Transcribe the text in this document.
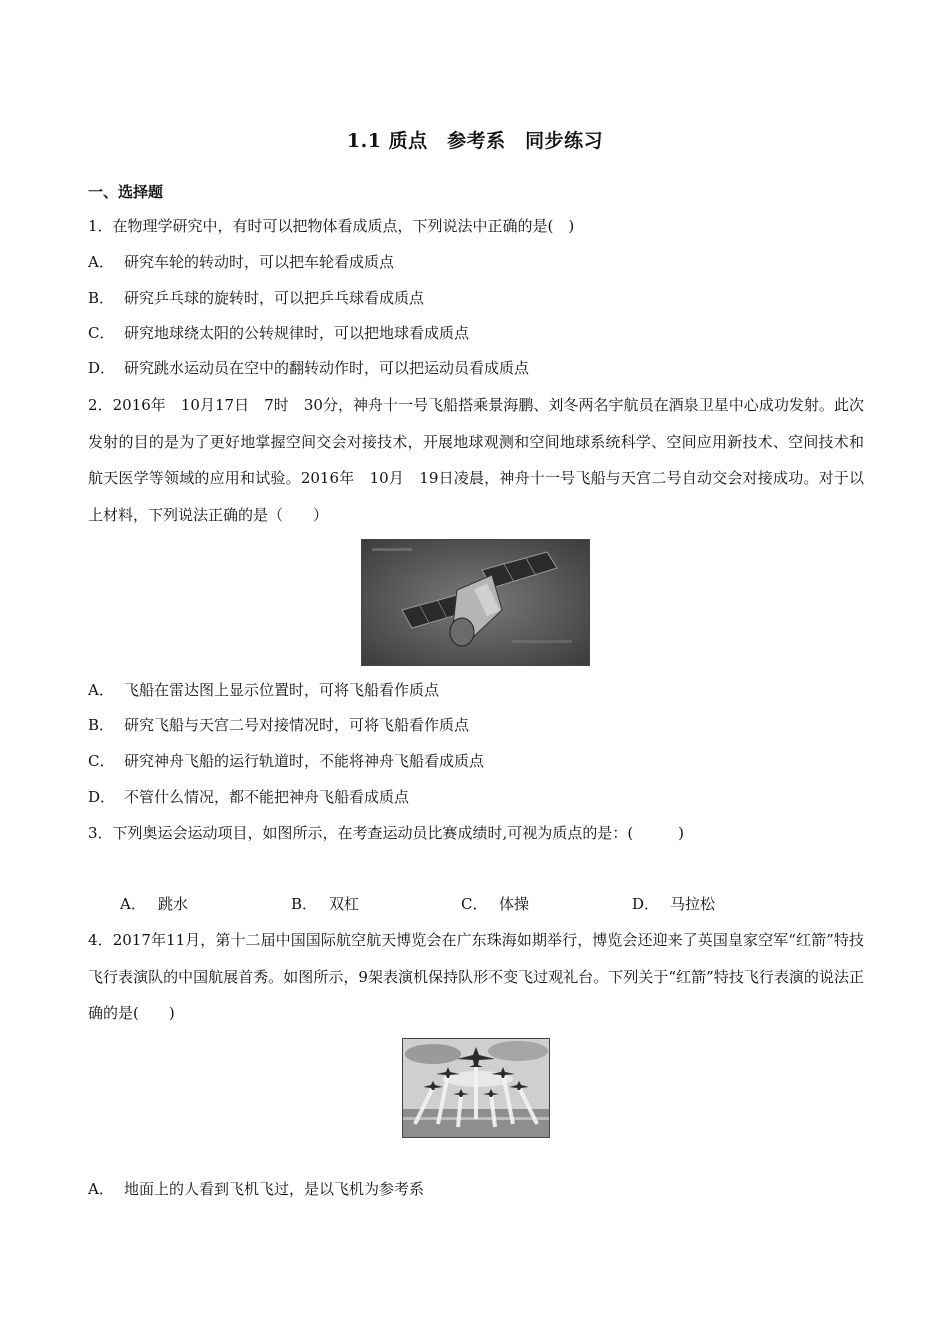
1.1 质点　参考系　同步练习
一、选择题
1．在物理学研究中，有时可以把物体看成质点，下列说法中正确的是(　)
A． 研究车轮的转动时，可以把车轮看成质点
B． 研究乒乓球的旋转时，可以把乒乓球看成质点
C． 研究地球绕太阳的公转规律时，可以把地球看成质点
D． 研究跳水运动员在空中的翻转动作时，可以把运动员看成质点
2．2016年　10月17日　7时　30分，神舟十一号飞船搭乘景海鹏、刘冬两名宇航员在酒泉卫星中心成功发射。此次发射的目的是为了更好地掌握空间交会对接技术，开展地球观测和空间地球系统科学、空间应用新技术、空间技术和航天医学等领域的应用和试验。2016年　10月　19日凌晨，神舟十一号飞船与天宫二号自动交会对接成功。对于以上材料，下列说法正确的是（　　）
A． 飞船在雷达图上显示位置时，可将飞船看作质点
B． 研究飞船与天宫二号对接情况时，可将飞船看作质点
C． 研究神舟飞船的运行轨道时，不能将神舟飞船看成质点
D． 不管什么情况，都不能把神舟飞船看成质点
3．下列奥运会运动项目，如图所示，在考查运动员比赛成绩时,可视为质点的是：(　　　)
A． 跳水	B． 双杠	C． 体操	D． 马拉松
4．2017年11月，第十二届中国国际航空航天博览会在广东珠海如期举行，博览会还迎来了英国皇家空军“红箭”特技飞行表演队的中国航展首秀。如图所示，9架表演机保持队形不变飞过观礼台。下列关于“红箭”特技飞行表演的说法正确的是(　　)
A． 地面上的人看到飞机飞过，是以飞机为参考系
